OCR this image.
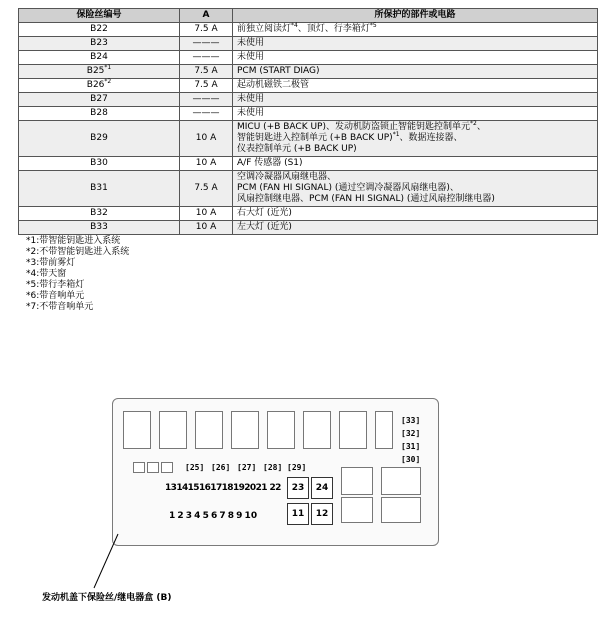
保险丝编号	A	所保护的部件或电路
B22	7.5 A	前独立阅读灯$^{*4}$、顶灯、行李箱灯$^{*5}$
B23	———	未使用
B24	———	未使用
B25$^{*1}$	7.5 A	PCM (START DIAG)
B26$^{*2}$	7.5 A	起动机磁铁二极管
B27	———	未使用
B28	———	未使用
B29	10 A	MICU (+B BACK UP)、发动机防盗锁止智能钥匙控制单元$^{*2}$、
智能钥匙进入控制单元 (+B BACK UP)$^{*1}$、数据连接器、
仪表控制单元 (+B BACK UP)
B30	10 A	A/F 传感器 (S1)
B31	7.5 A	空调冷凝器风扇继电器、
PCM (FAN HI SIGNAL) (通过空调冷凝器风扇继电器)、
风扇控制继电器、PCM (FAN HI SIGNAL) (通过风扇控制继电器)
B32	10 A	右大灯 (近光)
B33	10 A	左大灯 (近光)
*1:带智能钥匙进入系统
*2:不带智能钥匙进入系统
*3:带前雾灯
*4:带天窗
*5:带行李箱灯
*6:带音响单元
*7:不带音响单元
[33]
[32]
[31]
[30]
[25] [26] [27] [28] [29]
131415161718192021 22
1 2 3 4 5 6 7 8 9 10
23	24
11	12
发动机盖下保险丝/继电器盒 (B)
